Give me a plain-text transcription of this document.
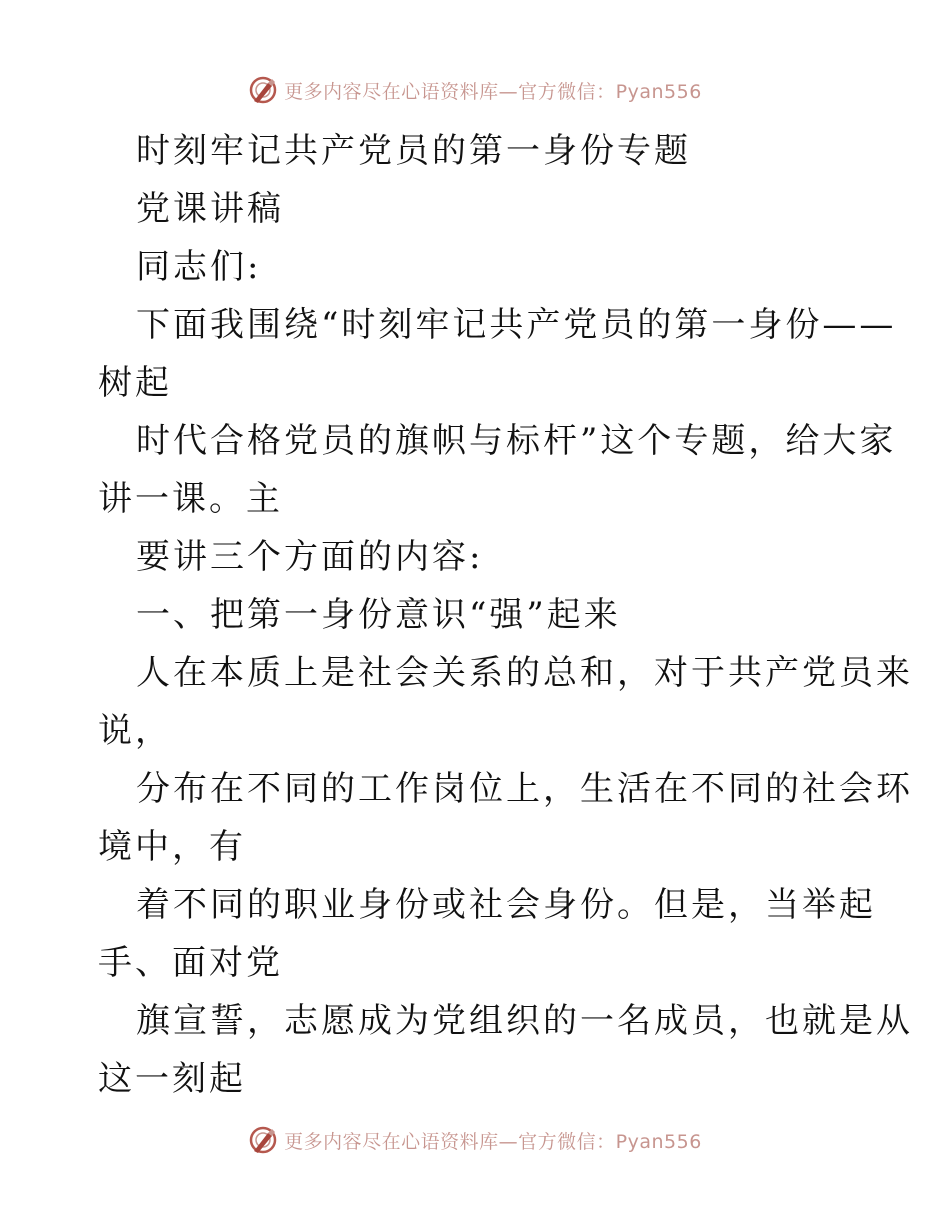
更多内容尽在心语资料库—官方微信：Pyan556
时刻牢记共产党员的第一身份专题
党课讲稿
同志们:
下面我围绕“时刻牢记共产党员的第一身份——
树起
时代合格党员的旗帜与标杆”这个专题，给大家
讲一课。主
要讲三个方面的内容:
一、把第一身份意识“强”起来
人在本质上是社会关系的总和，对于共产党员来
说，
分布在不同的工作岗位上，生活在不同的社会环
境中，有
着不同的职业身份或社会身份。但是，当举起
手、面对党
旗宣誓，志愿成为党组织的一名成员，也就是从
这一刻起
更多内容尽在心语资料库—官方微信：Pyan556
